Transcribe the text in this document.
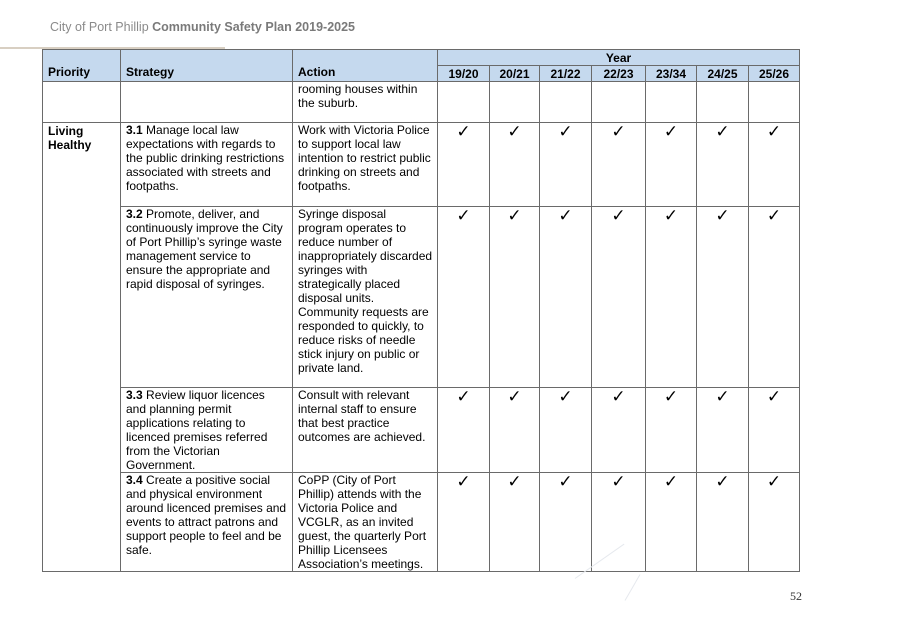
City of Port Phillip Community Safety Plan 2019-2025
Priority	Strategy	Action	Year						
			19/20	20/21	21/22	22/23	23/34	24/25	25/26
		rooming houses within the suburb.							
Living Healthy	3.1 Manage local law expectations with regards to the public drinking restrictions associated with streets and footpaths.	Work with Victoria Police to support local law intention to restrict public drinking on streets and footpaths.	✓	✓	✓	✓	✓	✓	✓
	3.2 Promote, deliver, and continuously improve the City of Port Phillip’s syringe waste management service to ensure the appropriate and rapid disposal of syringes.	Syringe disposal program operates to reduce number of inappropriately discarded syringes with strategically placed disposal units. Community requests are responded to quickly, to reduce risks of needle stick injury on public or private land.	✓	✓	✓	✓	✓	✓	✓
	3.3 Review liquor licences and planning permit applications relating to licenced premises referred from the Victorian Government.	Consult with relevant internal staff to ensure that best practice outcomes are achieved.	✓	✓	✓	✓	✓	✓	✓
	3.4 Create a positive social and physical environment around licenced premises and events to attract patrons and support people to feel and be safe.	CoPP (City of Port Phillip) attends with the Victoria Police and VCGLR, as an invited guest, the quarterly Port Phillip Licensees Association’s meetings.	✓	✓	✓	✓	✓	✓	✓
52
